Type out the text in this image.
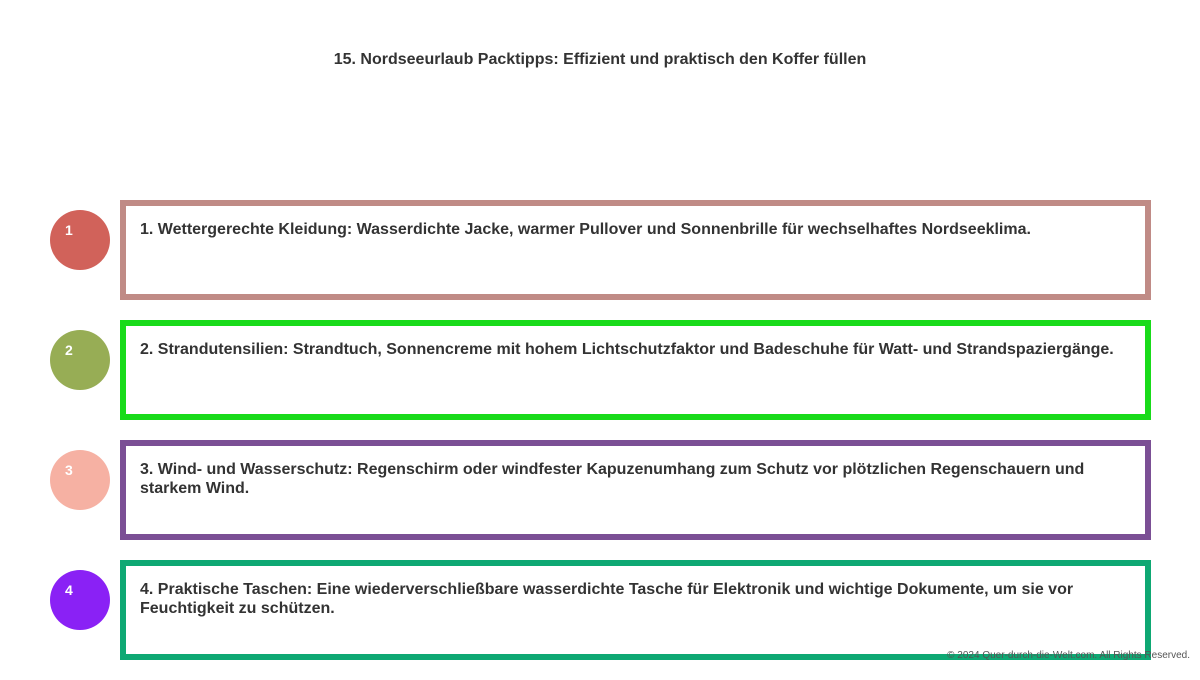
15. Nordseeurlaub Packtipps: Effizient und praktisch den Koffer füllen
1	1. Wettergerechte Kleidung: Wasserdichte Jacke, warmer Pullover und Sonnenbrille für wechselhaftes Nordseeklima.
2	2. Strandutensilien: Strandtuch, Sonnencreme mit hohem Lichtschutzfaktor und Badeschuhe für Watt- und Strandspaziergänge.
3	3. Wind- und Wasserschutz: Regenschirm oder windfester Kapuzenumhang zum Schutz vor plötzlichen Regenschauern und starkem Wind.
4	4. Praktische Taschen: Eine wiederverschließbare wasserdichte Tasche für Elektronik und wichtige Dokumente, um sie vor Feuchtigkeit zu schützen.
© 2024 Quer-durch-die-Welt.com. All Rights Reserved.
